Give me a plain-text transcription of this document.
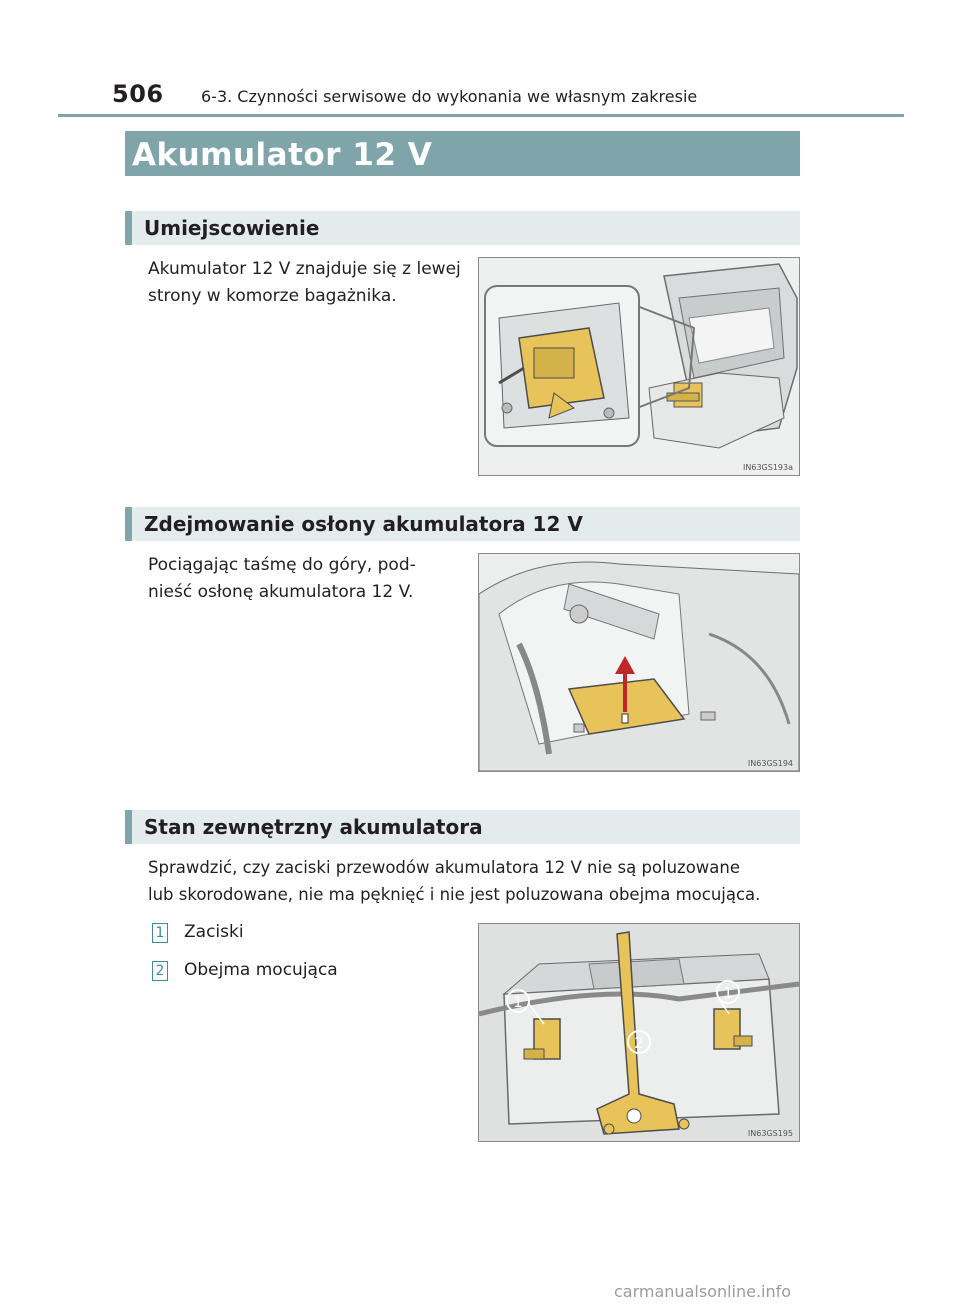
506 6-3. Czynności serwisowe do wykonania we własnym zakresie
Akumulator 12 V
Umiejscowienie
Akumulator 12 V znajduje się z lewej
strony w komorze bagażnika.
IN63GS193a
Zdejmowanie osłony akumulatora 12 V
Pociągając taśmę do góry, pod-
nieść osłonę akumulatora 12 V.
IN63GS194
Stan zewnętrzny akumulatora
Sprawdzić, czy zaciski przewodów akumulatora 12 V nie są poluzowane
lub skorodowane, nie ma pęknięć i nie jest poluzowana obejma mocująca.
1 Zaciski
2 Obejma mocująca
1	1
2
IN63GS195
carmanualsonline.info
